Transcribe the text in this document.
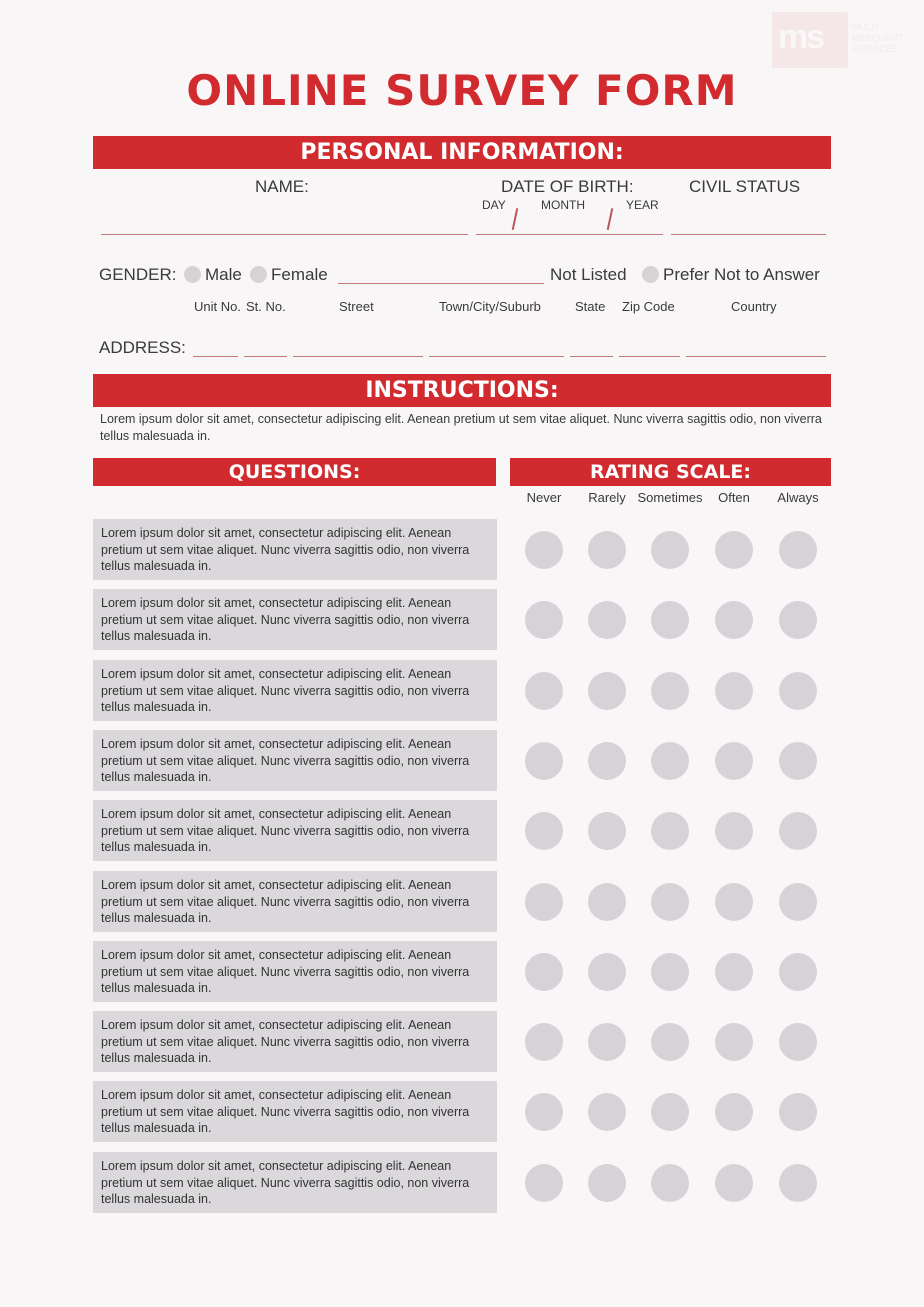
ms	MULTI
MERCHANT
SERVICES
ONLINE SURVEY FORM
PERSONAL INFORMATION:
NAME:	DATE OF BIRTH:	CIVIL STATUS
DAY	MONTH	YEAR
GENDER: Male Female	Not Listed Prefer Not to Answer
Unit No. St. No.	Street	Town/City/Suburb	State Zip Code	Country
ADDRESS:
INSTRUCTIONS:
Lorem ipsum dolor sit amet, consectetur adipiscing elit. Aenean pretium ut sem vitae aliquet. Nunc viverra sagittis odio, non viverra tellus malesuada in.
QUESTIONS:	RATING SCALE:
Never	Rarely Sometimes	Often	Always
Lorem ipsum dolor sit amet, consectetur adipiscing elit. Aenean pretium ut sem vitae aliquet. Nunc viverra sagittis odio, non viverra tellus malesuada in.
Lorem ipsum dolor sit amet, consectetur adipiscing elit. Aenean pretium ut sem vitae aliquet. Nunc viverra sagittis odio, non viverra tellus malesuada in.
Lorem ipsum dolor sit amet, consectetur adipiscing elit. Aenean pretium ut sem vitae aliquet. Nunc viverra sagittis odio, non viverra tellus malesuada in.
Lorem ipsum dolor sit amet, consectetur adipiscing elit. Aenean pretium ut sem vitae aliquet. Nunc viverra sagittis odio, non viverra tellus malesuada in.
Lorem ipsum dolor sit amet, consectetur adipiscing elit. Aenean pretium ut sem vitae aliquet. Nunc viverra sagittis odio, non viverra tellus malesuada in.
Lorem ipsum dolor sit amet, consectetur adipiscing elit. Aenean pretium ut sem vitae aliquet. Nunc viverra sagittis odio, non viverra tellus malesuada in.
Lorem ipsum dolor sit amet, consectetur adipiscing elit. Aenean pretium ut sem vitae aliquet. Nunc viverra sagittis odio, non viverra tellus malesuada in.
Lorem ipsum dolor sit amet, consectetur adipiscing elit. Aenean pretium ut sem vitae aliquet. Nunc viverra sagittis odio, non viverra tellus malesuada in.
Lorem ipsum dolor sit amet, consectetur adipiscing elit. Aenean pretium ut sem vitae aliquet. Nunc viverra sagittis odio, non viverra tellus malesuada in.
Lorem ipsum dolor sit amet, consectetur adipiscing elit. Aenean pretium ut sem vitae aliquet. Nunc viverra sagittis odio, non viverra tellus malesuada in.
